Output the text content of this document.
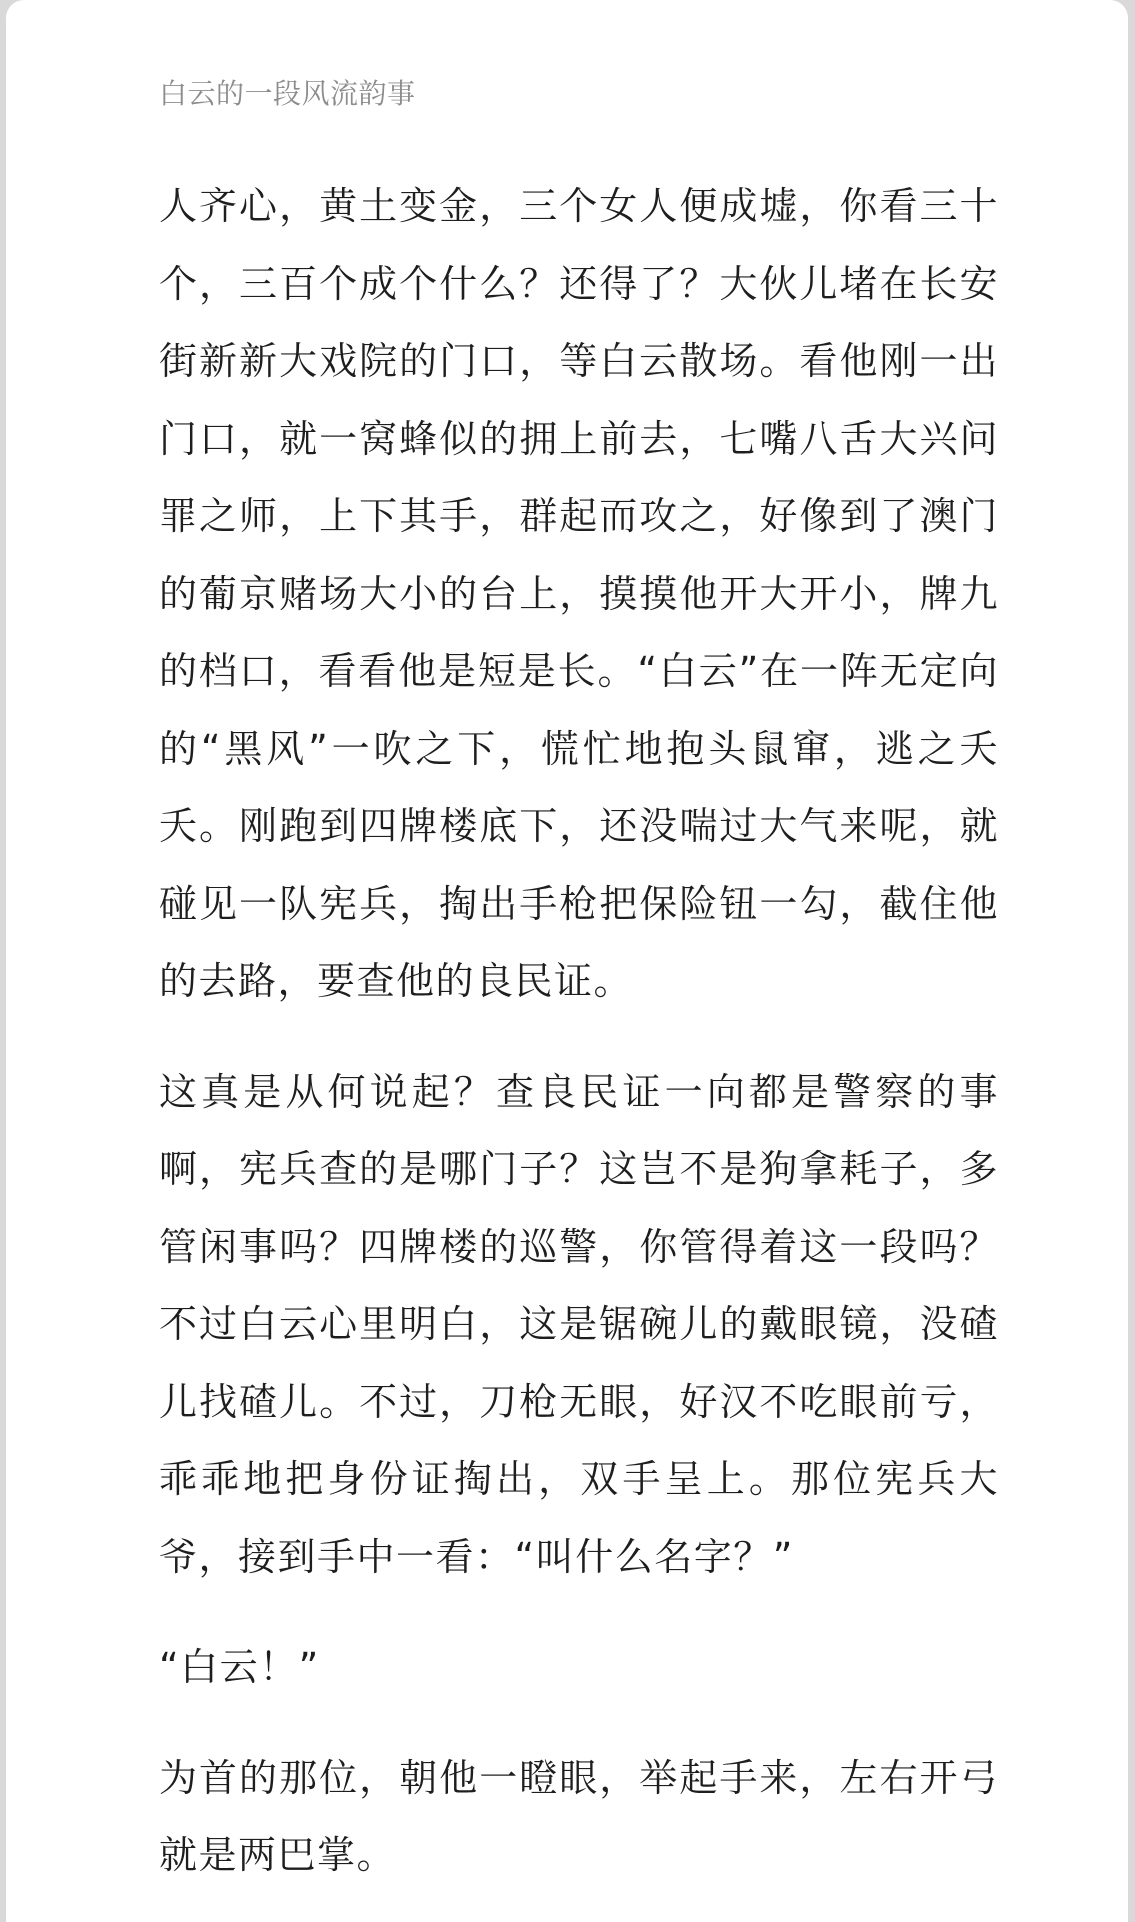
白云的一段风流韵事

人齐心，黄土变金，三个女人便成墟，你看三十个，三百个成个什么？还得了？大伙儿堵在长安街新新大戏院的门口，等白云散场。看他刚一出门口，就一窝蜂似的拥上前去，七嘴八舌大兴问罪之师，上下其手，群起而攻之，好像到了澳门的葡京赌场大小的台上，摸摸他开大开小，牌九的档口，看看他是短是长。“白云”在一阵无定向的“黑风”一吹之下，慌忙地抱头鼠窜，逃之夭夭。刚跑到四牌楼底下，还没喘过大气来呢，就碰见一队宪兵，掏出手枪把保险钮一勾，截住他的去路，要查他的良民证。

这真是从何说起？查良民证一向都是警察的事啊，宪兵查的是哪门子？这岂不是狗拿耗子，多管闲事吗？四牌楼的巡警，你管得着这一段吗？不过白云心里明白，这是锯碗儿的戴眼镜，没碴儿找碴儿。不过，刀枪无眼，好汉不吃眼前亏，乖乖地把身份证掏出，双手呈上。那位宪兵大爷，接到手中一看：“叫什么名字？”

“白云！”

为首的那位，朝他一瞪眼，举起手来，左右开弓就是两巴掌。
